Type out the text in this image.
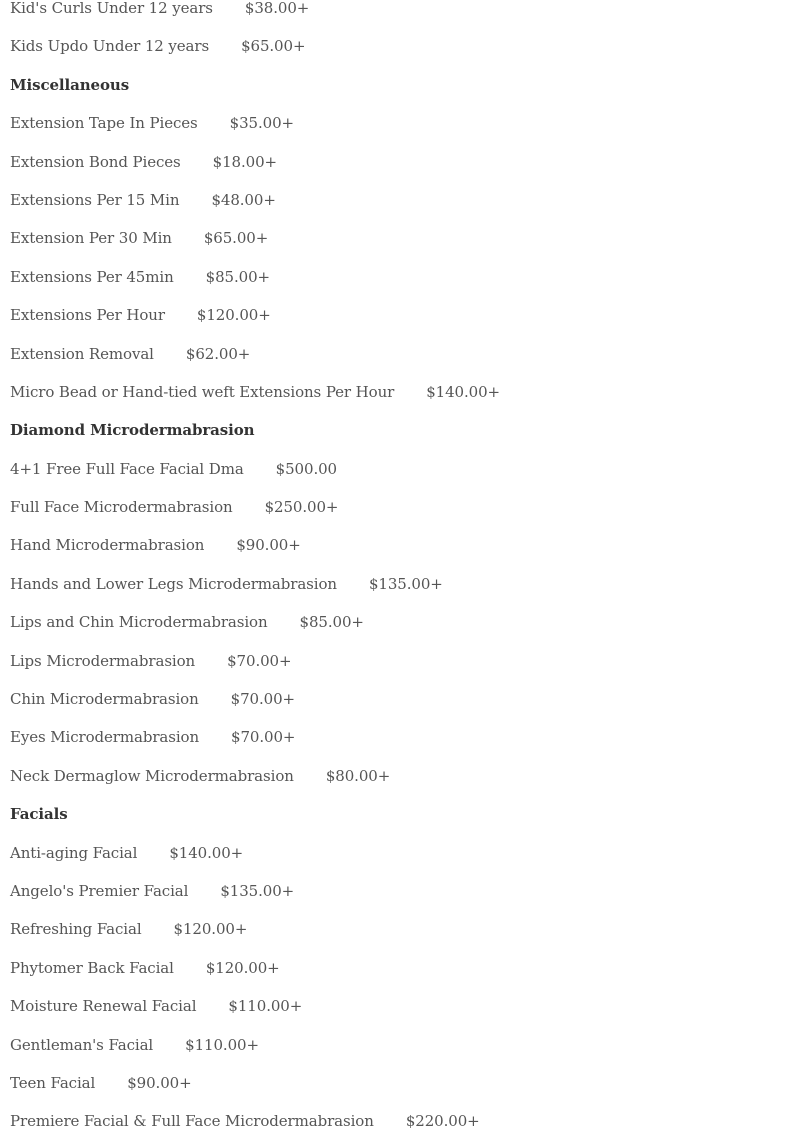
Kid's Curls Under 12 years $38.00+
Kids Updo Under 12 years $65.00+
Miscellaneous
Extension Tape In Pieces $35.00+
Extension Bond Pieces $18.00+
Extensions Per 15 Min $48.00+
Extension Per 30 Min $65.00+
Extensions Per 45min $85.00+
Extensions Per Hour $120.00+
Extension Removal $62.00+
Micro Bead or Hand-tied weft Extensions Per Hour $140.00+
Diamond Microdermabrasion
4+1 Free Full Face Facial Dma $500.00
Full Face Microdermabrasion $250.00+
Hand Microdermabrasion $90.00+
Hands and Lower Legs Microdermabrasion $135.00+
Lips and Chin Microdermabrasion $85.00+
Lips Microdermabrasion $70.00+
Chin Microdermabrasion $70.00+
Eyes Microdermabrasion $70.00+
Neck Dermaglow Microdermabrasion $80.00+
Facials
Anti-aging Facial $140.00+
Angelo's Premier Facial $135.00+
Refreshing Facial $120.00+
Phytomer Back Facial $120.00+
Moisture Renewal Facial $110.00+
Gentleman's Facial $110.00+
Teen Facial $90.00+
Premiere Facial & Full Face Microdermabrasion $220.00+
